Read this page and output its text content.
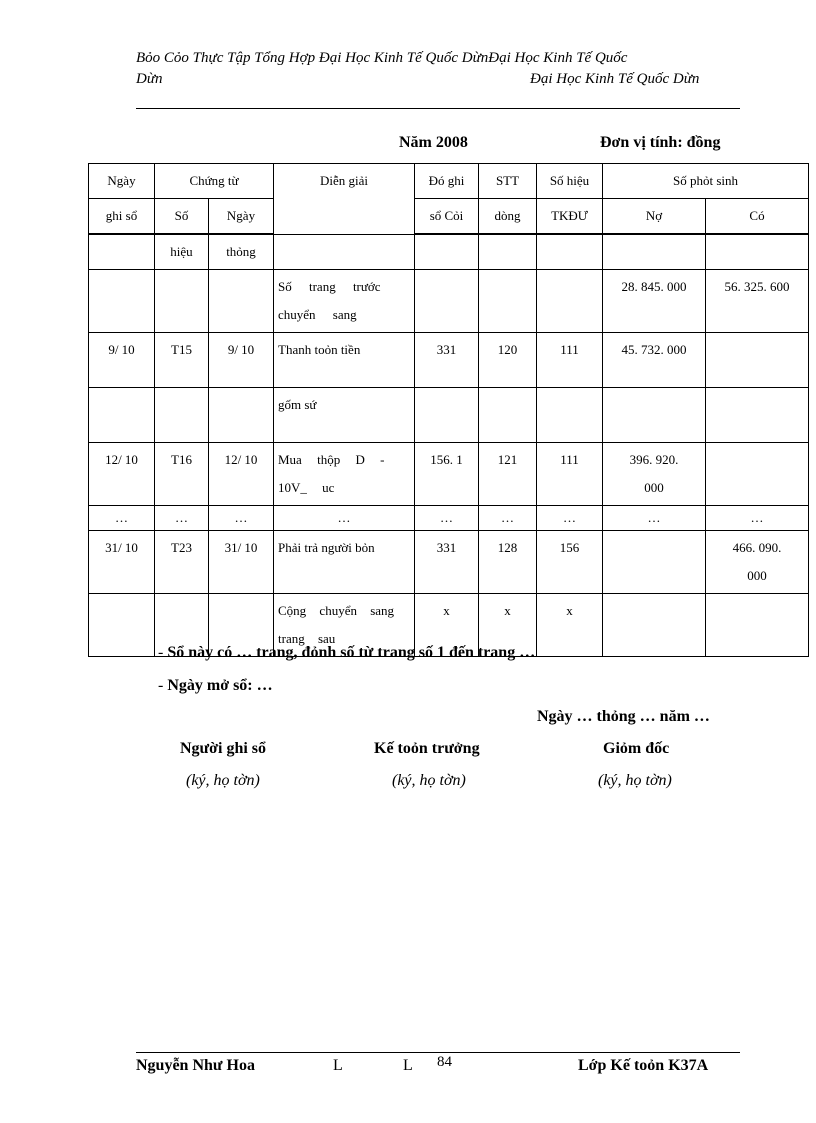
Bỏo Cỏo Thực Tập Tổng Hợp Đại Học Kinh Tế Quốc DừnĐại Học Kinh Tế Quốc
Dừn	Đại Học Kinh Tế Quốc Dừn
Năm 2008	Đơn vị tính: đồng
Ngày	Chứng từ		Diễn giải	Đó ghi	STT	Số hiệu	Số phỏt sinh	
ghi sổ	Số	Ngày		sổ Cỏi	dòng	TKĐƯ	Nợ	Có
	hiệu	thỏng						
			Số trang trước chuyển sang				28. 845. 000	56. 325. 600
9/ 10	T15	9/ 10	Thanh toỏn tiền	331	120	111	45. 732. 000	
			gốm sứ					
12/ 10	T16	12/ 10	Mua thộp D - 10V_ uc	156. 1	121	111	396. 920. 000	
…	…	…	…	…	…	…	…	…
31/ 10	T23	31/ 10	Phải trả người bỏn	331	128	156		466. 090. 000
			Cộng chuyển sang trang sau	x	x	x		
- Sổ này có … trang, đỏnh số từ trang số 1 đến trang …
- Ngày mở sổ: …
Ngày … thỏng … năm …
Người ghi sổ	Kế toỏn trưởng	Giỏm đốc
(ký, họ tờn)	(ký, họ tờn)	(ký, họ tờn)
Nguyễn Như Hoa	L	L 84	Lớp Kế toỏn K37A
